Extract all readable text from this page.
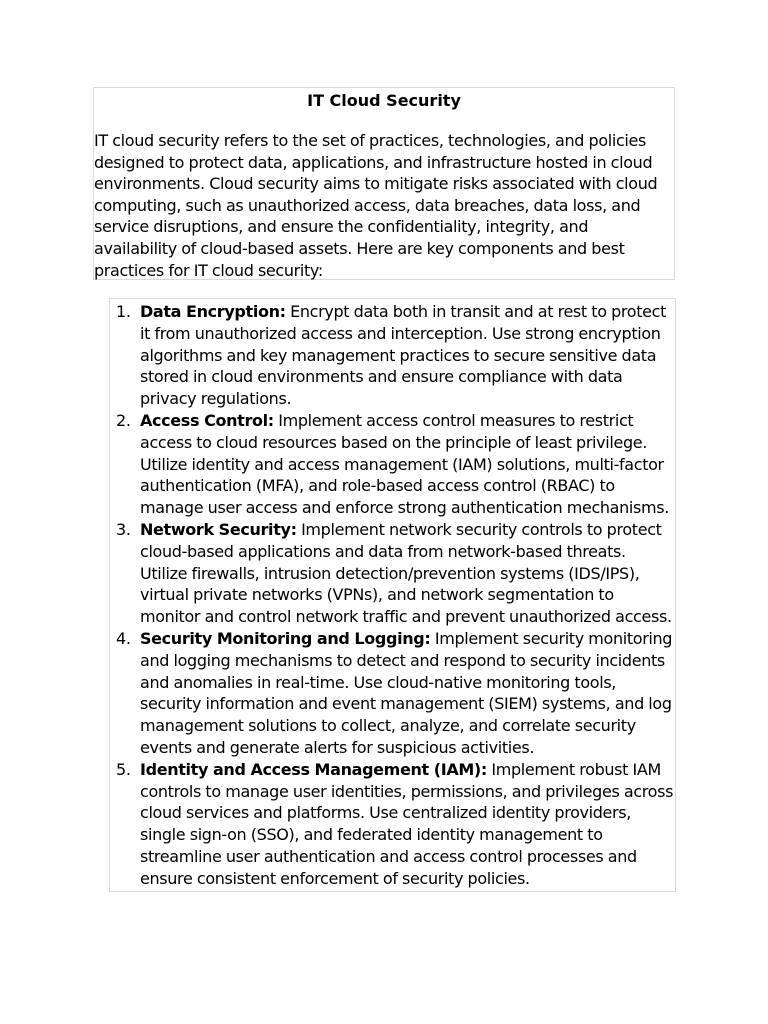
IT Cloud Security

IT cloud security refers to the set of practices, technologies, and policies designed to protect data, applications, and infrastructure hosted in cloud environments. Cloud security aims to mitigate risks associated with cloud computing, such as unauthorized access, data breaches, data loss, and service disruptions, and ensure the confidentiality, integrity, and availability of cloud-based assets. Here are key components and best practices for IT cloud security:

1. Data Encryption: Encrypt data both in transit and at rest to protect it from unauthorized access and interception. Use strong encryption algorithms and key management practices to secure sensitive data stored in cloud environments and ensure compliance with data privacy regulations.
2. Access Control: Implement access control measures to restrict access to cloud resources based on the principle of least privilege. Utilize identity and access management (IAM) solutions, multi-factor authentication (MFA), and role-based access control (RBAC) to manage user access and enforce strong authentication mechanisms.
3. Network Security: Implement network security controls to protect cloud-based applications and data from network-based threats. Utilize firewalls, intrusion detection/prevention systems (IDS/IPS), virtual private networks (VPNs), and network segmentation to monitor and control network traffic and prevent unauthorized access.
4. Security Monitoring and Logging: Implement security monitoring and logging mechanisms to detect and respond to security incidents and anomalies in real-time. Use cloud-native monitoring tools, security information and event management (SIEM) systems, and log management solutions to collect, analyze, and correlate security events and generate alerts for suspicious activities.
5. Identity and Access Management (IAM): Implement robust IAM controls to manage user identities, permissions, and privileges across cloud services and platforms. Use centralized identity providers, single sign-on (SSO), and federated identity management to streamline user authentication and access control processes and ensure consistent enforcement of security policies.
